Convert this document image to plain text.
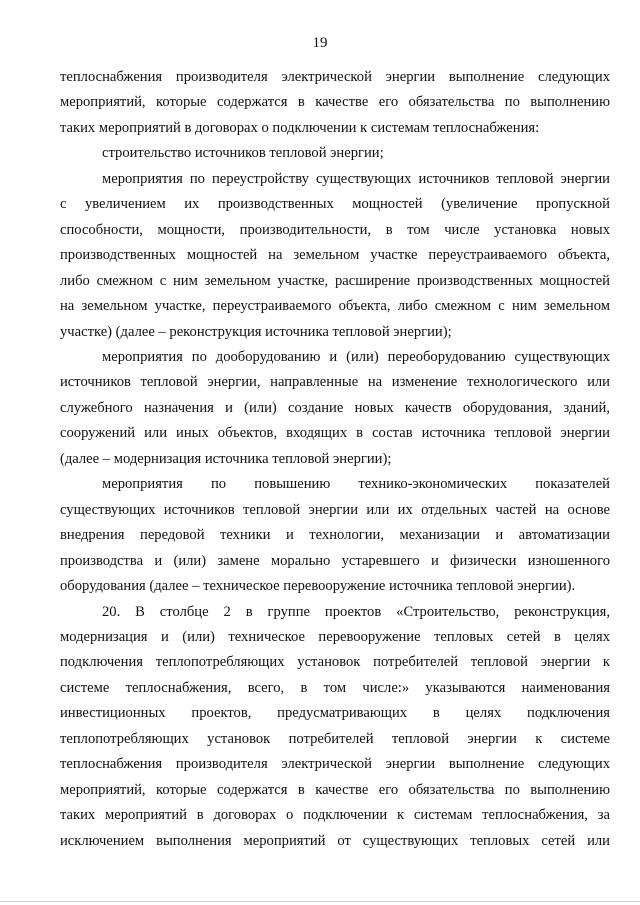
19
теплоснабжения производителя электрической энергии выполнение следующих
мероприятий, которые содержатся в качестве его обязательства по выполнению
таких мероприятий в договорах о подключении к системам теплоснабжения:
строительство источников тепловой энергии;
мероприятия по переустройству существующих источников тепловой энергии
с увеличением их производственных мощностей (увеличение пропускной
способности, мощности, производительности, в том числе установка новых
производственных мощностей на земельном участке переустраиваемого объекта,
либо смежном с ним земельном участке, расширение производственных мощностей
на земельном участке, переустраиваемого объекта, либо смежном с ним земельном
участке) (далее – реконструкция источника тепловой энергии);
мероприятия по дооборудованию и (или) переоборудованию существующих
источников тепловой энергии, направленные на изменение технологического или
служебного назначения и (или) создание новых качеств оборудования, зданий,
сооружений или иных объектов, входящих в состав источника тепловой энергии
(далее – модернизация источника тепловой энергии);
мероприятия по повышению технико-экономических показателей
существующих источников тепловой энергии или их отдельных частей на основе
внедрения передовой техники и технологии, механизации и автоматизации
производства и (или) замене морально устаревшего и физически изношенного
оборудования (далее – техническое перевооружение источника тепловой энергии).
20. В столбце 2 в группе проектов «Строительство, реконструкция,
модернизация и (или) техническое перевооружение тепловых сетей в целях
подключения теплопотребляющих установок потребителей тепловой энергии к
системе теплоснабжения, всего, в том числе:» указываются наименования
инвестиционных проектов, предусматривающих в целях подключения
теплопотребляющих установок потребителей тепловой энергии к системе
теплоснабжения производителя электрической энергии выполнение следующих
мероприятий, которые содержатся в качестве его обязательства по выполнению
таких мероприятий в договорах о подключении к системам теплоснабжения, за
исключением выполнения мероприятий от существующих тепловых сетей или
